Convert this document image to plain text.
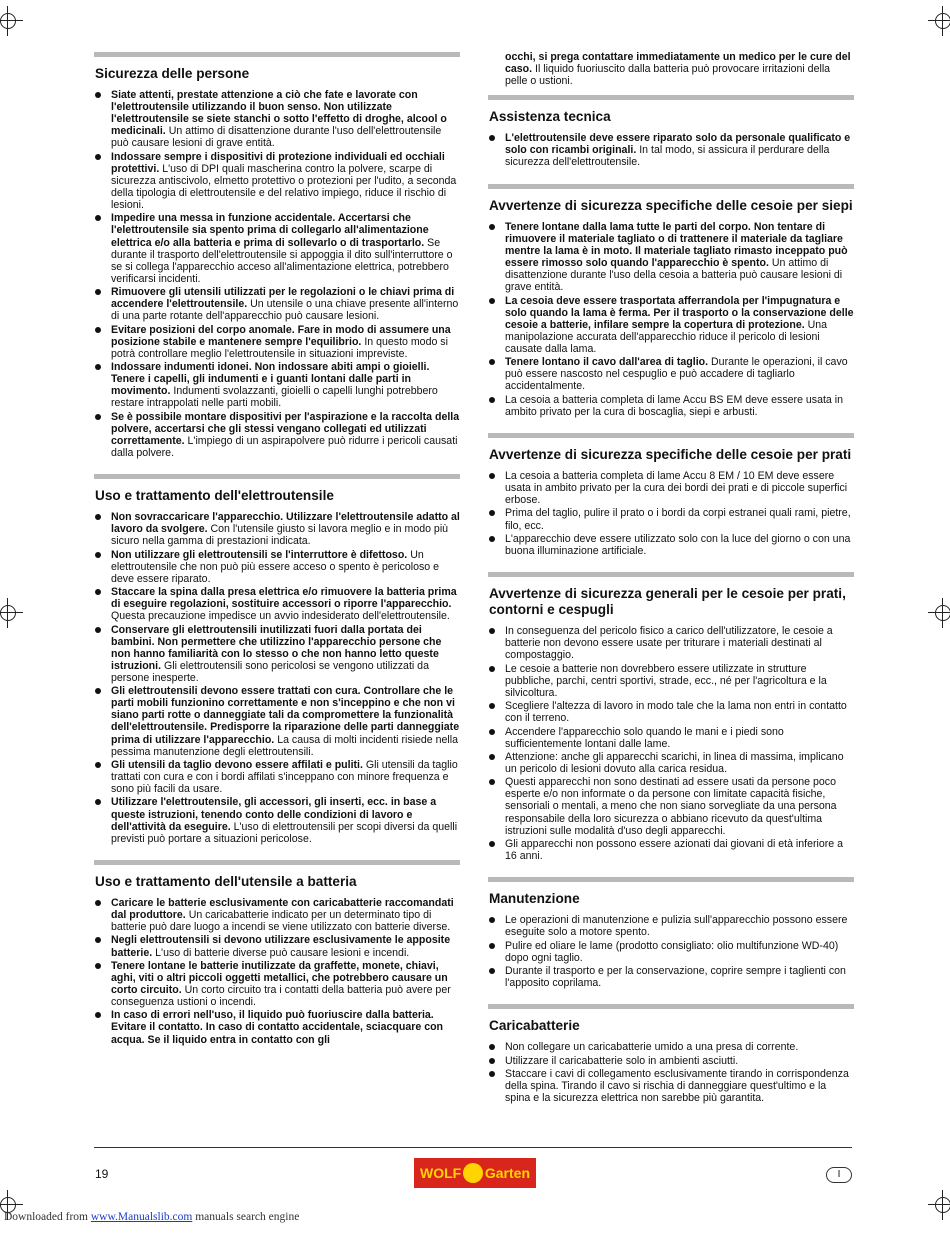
Sicurezza delle persone
Siate attenti, prestate attenzione a ciò che fate e lavorate con l'elettroutensile utilizzando il buon senso. Non utilizzate l'elettroutensile se siete stanchi o sotto l'effetto di droghe, alcool o medicinali. Un attimo di disattenzione durante l'uso dell'elettroutensile può causare lesioni di grave entità.
Indossare sempre i dispositivi di protezione individuali ed occhiali protettivi. L'uso di DPI quali mascherina contro la polvere, scarpe di sicurezza antiscivolo, elmetto protettivo o protezioni per l'udito, a seconda della tipologia di elettroutensile e del relativo impiego, riduce il rischio di lesioni.
Impedire una messa in funzione accidentale. Accertarsi che l'elettroutensile sia spento prima di collegarlo all'alimentazione elettrica e/o alla batteria e prima di sollevarlo o di trasportarlo. Se durante il trasporto dell'elettroutensile si appoggia il dito sull'interruttore o se si collega l'apparecchio acceso all'alimentazione elettrica, potrebbero verificarsi incidenti.
Rimuovere gli utensili utilizzati per le regolazioni o le chiavi prima di accendere l'elettroutensile. Un utensile o una chiave presente all'interno di una parte rotante dell'apparecchio può causare lesioni.
Evitare posizioni del corpo anomale. Fare in modo di assumere una posizione stabile e mantenere sempre l'equilibrio. In questo modo si potrà controllare meglio l'elettroutensile in situazioni impreviste.
Indossare indumenti idonei. Non indossare abiti ampi o gioielli. Tenere i capelli, gli indumenti e i guanti lontani dalle parti in movimento. Indumenti svolazzanti, gioielli o capelli lunghi potrebbero restare intrappolati nelle parti mobili.
Se è possibile montare dispositivi per l'aspirazione e la raccolta della polvere, accertarsi che gli stessi vengano collegati ed utilizzati correttamente. L'impiego di un aspirapolvere può ridurre i pericoli causati dalla polvere.
Uso e trattamento dell'elettroutensile
Non sovraccaricare l'apparecchio. Utilizzare l'elettroutensile adatto al lavoro da svolgere. Con l'utensile giusto si lavora meglio e in modo più sicuro nella gamma di prestazioni indicata.
Non utilizzare gli elettroutensili se l'interruttore è difettoso. Un elettroutensile che non può più essere acceso o spento è pericoloso e deve essere riparato.
Staccare la spina dalla presa elettrica e/o rimuovere la batteria prima di eseguire regolazioni, sostituire accessori o riporre l'apparecchio. Questa precauzione impedisce un avvio indesiderato dell'elettroutensile.
Conservare gli elettroutensili inutilizzati fuori dalla portata dei bambini. Non permettere che utilizzino l'apparecchio persone che non hanno familiarità con lo stesso o che non hanno letto queste istruzioni. Gli elettroutensili sono pericolosi se vengono utilizzati da persone inesperte.
Gli elettroutensili devono essere trattati con cura. Controllare che le parti mobili funzionino correttamente e non s'inceppino e che non vi siano parti rotte o danneggiate tali da compromettere la funzionalità dell'elettroutensile. Predisporre la riparazione delle parti danneggiate prima di utilizzare l'apparecchio. La causa di molti incidenti risiede nella pessima manutenzione degli elettroutensili.
Gli utensili da taglio devono essere affilati e puliti. Gli utensili da taglio trattati con cura e con i bordi affilati s'inceppano con minore frequenza e sono più facili da usare.
Utilizzare l'elettroutensile, gli accessori, gli inserti, ecc. in base a queste istruzioni, tenendo conto delle condizioni di lavoro e dell'attività da eseguire. L'uso di elettroutensili per scopi diversi da quelli previsti può portare a situazioni pericolose.
Uso e trattamento dell'utensile a batteria
Caricare le batterie esclusivamente con caricabatterie raccomandati dal produttore. Un caricabatterie indicato per un determinato tipo di batterie può dare luogo a incendi se viene utilizzato con batterie diverse.
Negli elettroutensili si devono utilizzare esclusivamente le apposite batterie. L'uso di batterie diverse può causare lesioni e incendi.
Tenere lontane le batterie inutilizzate da graffette, monete, chiavi, aghi, viti o altri piccoli oggetti metallici, che potrebbero causare un corto circuito. Un corto circuito tra i contatti della batteria può avere per conseguenza ustioni o incendi.
In caso di errori nell'uso, il liquido può fuoriuscire dalla batteria. Evitare il contatto. In caso di contatto accidentale, sciacquare con acqua. Se il liquido entra in contatto con gli

occhi, si prega contattare immediatamente un medico per le cure del caso. Il liquido fuoriuscito dalla batteria può provocare irritazioni della pelle o ustioni.

Assistenza tecnica
L'elettroutensile deve essere riparato solo da personale qualificato e solo con ricambi originali. In tal modo, si assicura il perdurare della sicurezza dell'elettroutensile.
Avvertenze di sicurezza specifiche delle cesoie per siepi
Tenere lontane dalla lama tutte le parti del corpo. Non tentare di rimuovere il materiale tagliato o di trattenere il materiale da tagliare mentre la lama è in moto. Il materiale tagliato rimasto inceppato può essere rimosso solo quando l'apparecchio è spento. Un attimo di disattenzione durante l'uso della cesoia a batteria può causare lesioni di grave entità.
La cesoia deve essere trasportata afferrandola per l'impugnatura e solo quando la lama è ferma. Per il trasporto o la conservazione delle cesoie a batterie, infilare sempre la copertura di protezione. Una manipolazione accurata dell'apparecchio riduce il pericolo di lesioni causate dalla lama.
Tenere lontano il cavo dall'area di taglio. Durante le operazioni, il cavo può essere nascosto nel cespuglio e può accadere di tagliarlo accidentalmente.
La cesoia a batteria completa di lame Accu BS EM deve essere usata in ambito privato per la cura di boscaglia, siepi e arbusti.
Avvertenze di sicurezza specifiche delle cesoie per prati
La cesoia a batteria completa di lame Accu 8 EM / 10 EM deve essere usata in ambito privato per la cura dei bordi dei prati e di piccole superfici erbose.
Prima del taglio, pulire il prato o i bordi da corpi estranei quali rami, pietre, filo, ecc.
L'apparecchio deve essere utilizzato solo con la luce del giorno o con una buona illuminazione artificiale.
Avvertenze di sicurezza generali per le cesoie per prati, contorni e cespugli
In conseguenza del pericolo fisico a carico dell'utilizzatore, le cesoie a batterie non devono essere usate per triturare i materiali destinati al compostaggio.
Le cesoie a batterie non dovrebbero essere utilizzate in strutture pubbliche, parchi, centri sportivi, strade, ecc., né per l'agricoltura e la silvicoltura.
Scegliere l'altezza di lavoro in modo tale che la lama non entri in contatto con il terreno.
Accendere l'apparecchio solo quando le mani e i piedi sono sufficientemente lontani dalle lame.
Attenzione: anche gli apparecchi scarichi, in linea di massima, implicano un pericolo di lesioni dovuto alla carica residua.
Questi apparecchi non sono destinati ad essere usati da persone poco esperte e/o non informate o da persone con limitate capacità fisiche, sensoriali o mentali, a meno che non siano sorvegliate da una persona responsabile della loro sicurezza o abbiano ricevuto da quest'ultima istruzioni sulle modalità d'uso degli apparecchi.
Gli apparecchi non possono essere azionati dai giovani di età inferiore a 16 anni.
Manutenzione
Le operazioni di manutenzione e pulizia sull'apparecchio possono essere eseguite solo a motore spento.
Pulire ed oliare le lame (prodotto consigliato: olio multifunzione WD-40) dopo ogni taglio.
Durante il trasporto e per la conservazione, coprire sempre i taglienti con l'apposito coprilama.
Caricabatterie
Non collegare un caricabatterie umido a una presa di corrente.
Utilizzare il caricabatterie solo in ambienti asciutti.
Staccare i cavi di collegamento esclusivamente tirando in corrispondenza della spina. Tirando il cavo si rischia di danneggiare quest'ultimo e la spina e la sicurezza elettrica non sarebbe più garantita.
19	WOLF Garten	I
Downloaded from www.Manualslib.com manuals search engine
